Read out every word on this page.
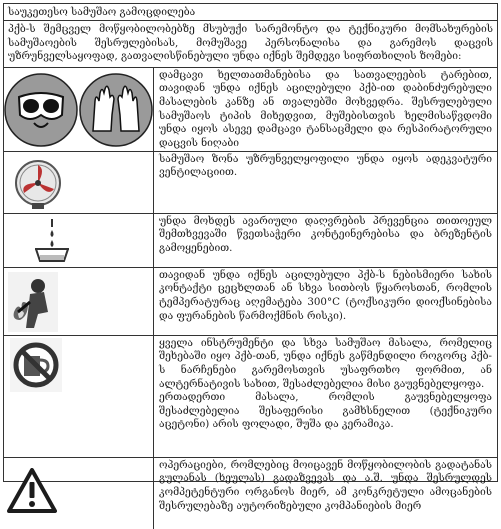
საუკეთესო სამუშაო გამოცდილება
პქბ-ს შემცველ მოწყობილობებზე მსუბუქი სარემონტო და ტექნიკური მომსახურების სამუშაოების შესრულებისას, მომუშავე პერსონალისა და გარემოს დაცვის უზრუნველსაყოფად, გათვალისწინებული უნდა იქნეს შემდეგი სიფრთხილის ზომები:

დამცავი ხელთათმანებისა და სათვალეების ტარებით, თავიდან უნდა იქნეს აცილებული პქბ-ით დაბინძურებული მასალების კანზე ან თვალებში მოხვედრა. შესრულებული სამუშაოს ტიპის მიხედვით, მუშებისთვის ხელმისაწვდომი უნდა იყოს ასევე დამცავი ტანსაცმელი და რესპირატორული დაცვის ნიღაბი

სამუშაო ზონა უზრუნველყოფილი უნდა იყოს ადეკვატური ვენტილაციით.

უნდა მოხდეს ავარიული დაღვრების პრევენცია თითოეულ შემთხვევაში წვეთსაჭერი კონტეინერებისა და ბრეზენტის გამოყენებით.

თავიდან უნდა იქნეს აცილებული პქბ-ს ნებისმიერი სახის კონტაქტი ცეცხლთან ან სხვა სითბოს წყაროსთან, რომლის ტემპერატურაც აღემატება 300°C (ტოქსიკური დიოქსინებისა და ფურანების წარმოქმნის რისკი).

ყველა ინსტრუმენტი და სხვა სამუშაო მასალა, რომელიც შეხებაში იყო პქბ-თან, უნდა იქნეს გაწმენდილი როგორც პქბ-ს ნარჩენები გარემოსთვის უსაფრთხო ფორმით, ან ალტერნატივის სახით, შესაძლებელია მისი გაუვნებელყოფა.

ერთადერთი მასალა, რომლის გაუვნებელყოფა შესაძლებელია შესაფერისი გამხსნელით (ტექნიკური აცეტონი) არის ფოლადი, შუშა და კერამიკა.

ოპერაციები, რომლებიც მოიცავენ მოწყობილობის გადატანას გულანას (ხეულას) გადაზვევას და ა.შ. უნდა შესრულდეს კომპეტენტური ორგანოს მიერ, ამ კონკრეტული ამოცანების შესრულებაზე აუტორიზებული კომპანიების მიერ
